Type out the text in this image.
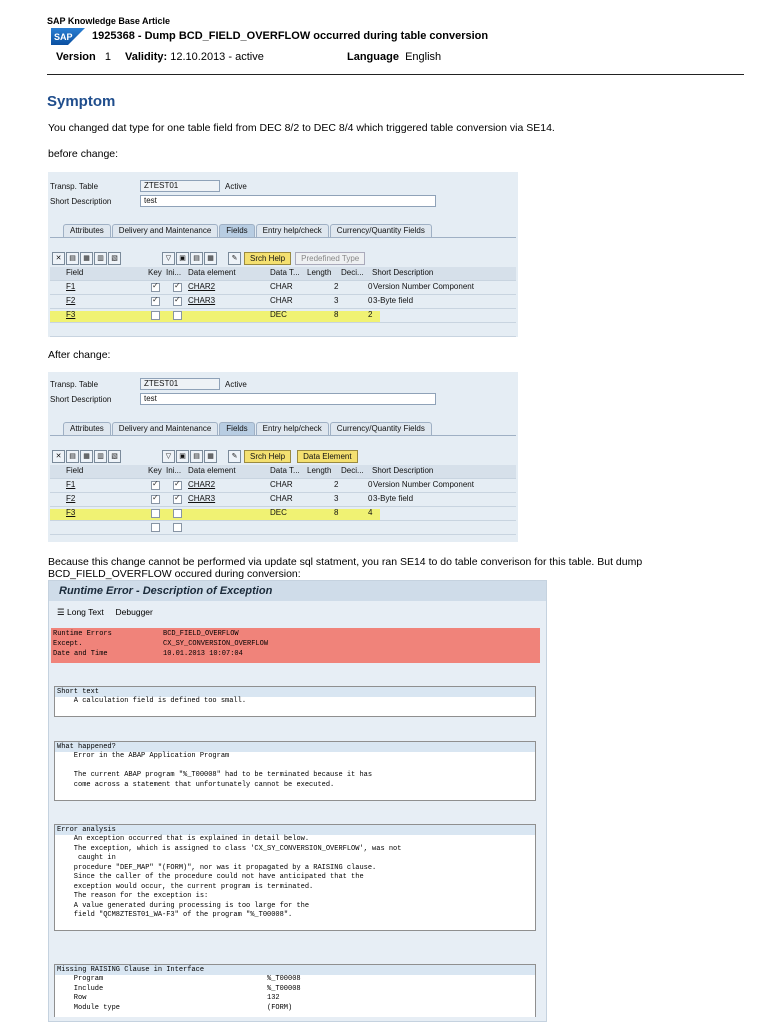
SAP Knowledge Base Article
SAP 1925368 - Dump BCD_FIELD_OVERFLOW occurred during table conversion
Version 1 Validity: 12.10.2013 - active	Language English
Symptom
You changed dat type for one table field from DEC 8/2 to DEC 8/4 which triggered table conversion via SE14.
before change:
Transp. Table	ZTEST01	Active
Short Description	test
Attributes	Delivery and Maintenance	Fields	Entry help/check	Currency/Quantity Fields
✕	▤	▦	▥	▧	▽	▣	▤	▦	✎	Srch Help	Predefined Type
Field	Key Ini... Data element	Data T... Length Deci... Short Description
F1 ✓ ✓	CHAR2	CHAR	2	0 Version Number Component
F2 ✓ ✓	CHAR3	CHAR	3	0 3-Byte field
F3	DEC	8	2
After change:
Transp. Table	ZTEST01	Active
Short Description	test
Attributes	Delivery and Maintenance	Fields	Entry help/check	Currency/Quantity Fields
✕	▤	▦	▥	▧	▽	▣	▤	▦	✎	Srch Help	Data Element
Field	Key Ini... Data element	Data T... Length Deci... Short Description
F1 ✓ ✓	CHAR2	CHAR	2	0 Version Number Component
F2 ✓ ✓	CHAR3	CHAR	3	0 3-Byte field
F3	DEC	8	4
Because this change cannot be performed via update sql statment, you ran SE14 to do table converison for this table. But dump BCD_FIELD_OVERFLOW occured during conversion:
Runtime Error - Description of Exception
☰ Long Text Debugger
Runtime Errors	BCD_FIELD_OVERFLOW
Except.	CX_SY_CONVERSION_OVERFLOW
Date and Time	10.01.2013 10:07:04
Short text
A calculation field is defined too small.
What happened?
Error in the ABAP Application Program
The current ABAP program "%_T00008" had to be terminated because it has
come across a statement that unfortunately cannot be executed.
Error analysis
An exception occurred that is explained in detail below.
The exception, which is assigned to class 'CX_SY_CONVERSION_OVERFLOW', was not
caught in
procedure "DEF_MAP" "(FORM)", nor was it propagated by a RAISING clause.
Since the caller of the procedure could not have anticipated that the
exception would occur, the current program is terminated.
The reason for the exception is:
A value generated during processing is too large for the
field "QCM8ZTEST01_WA-F3" of the program "%_T00008".
Missing RAISING Clause in Interface
Program	%_T00008
Include	%_T00008
Row	132
Module type	(FORM)
